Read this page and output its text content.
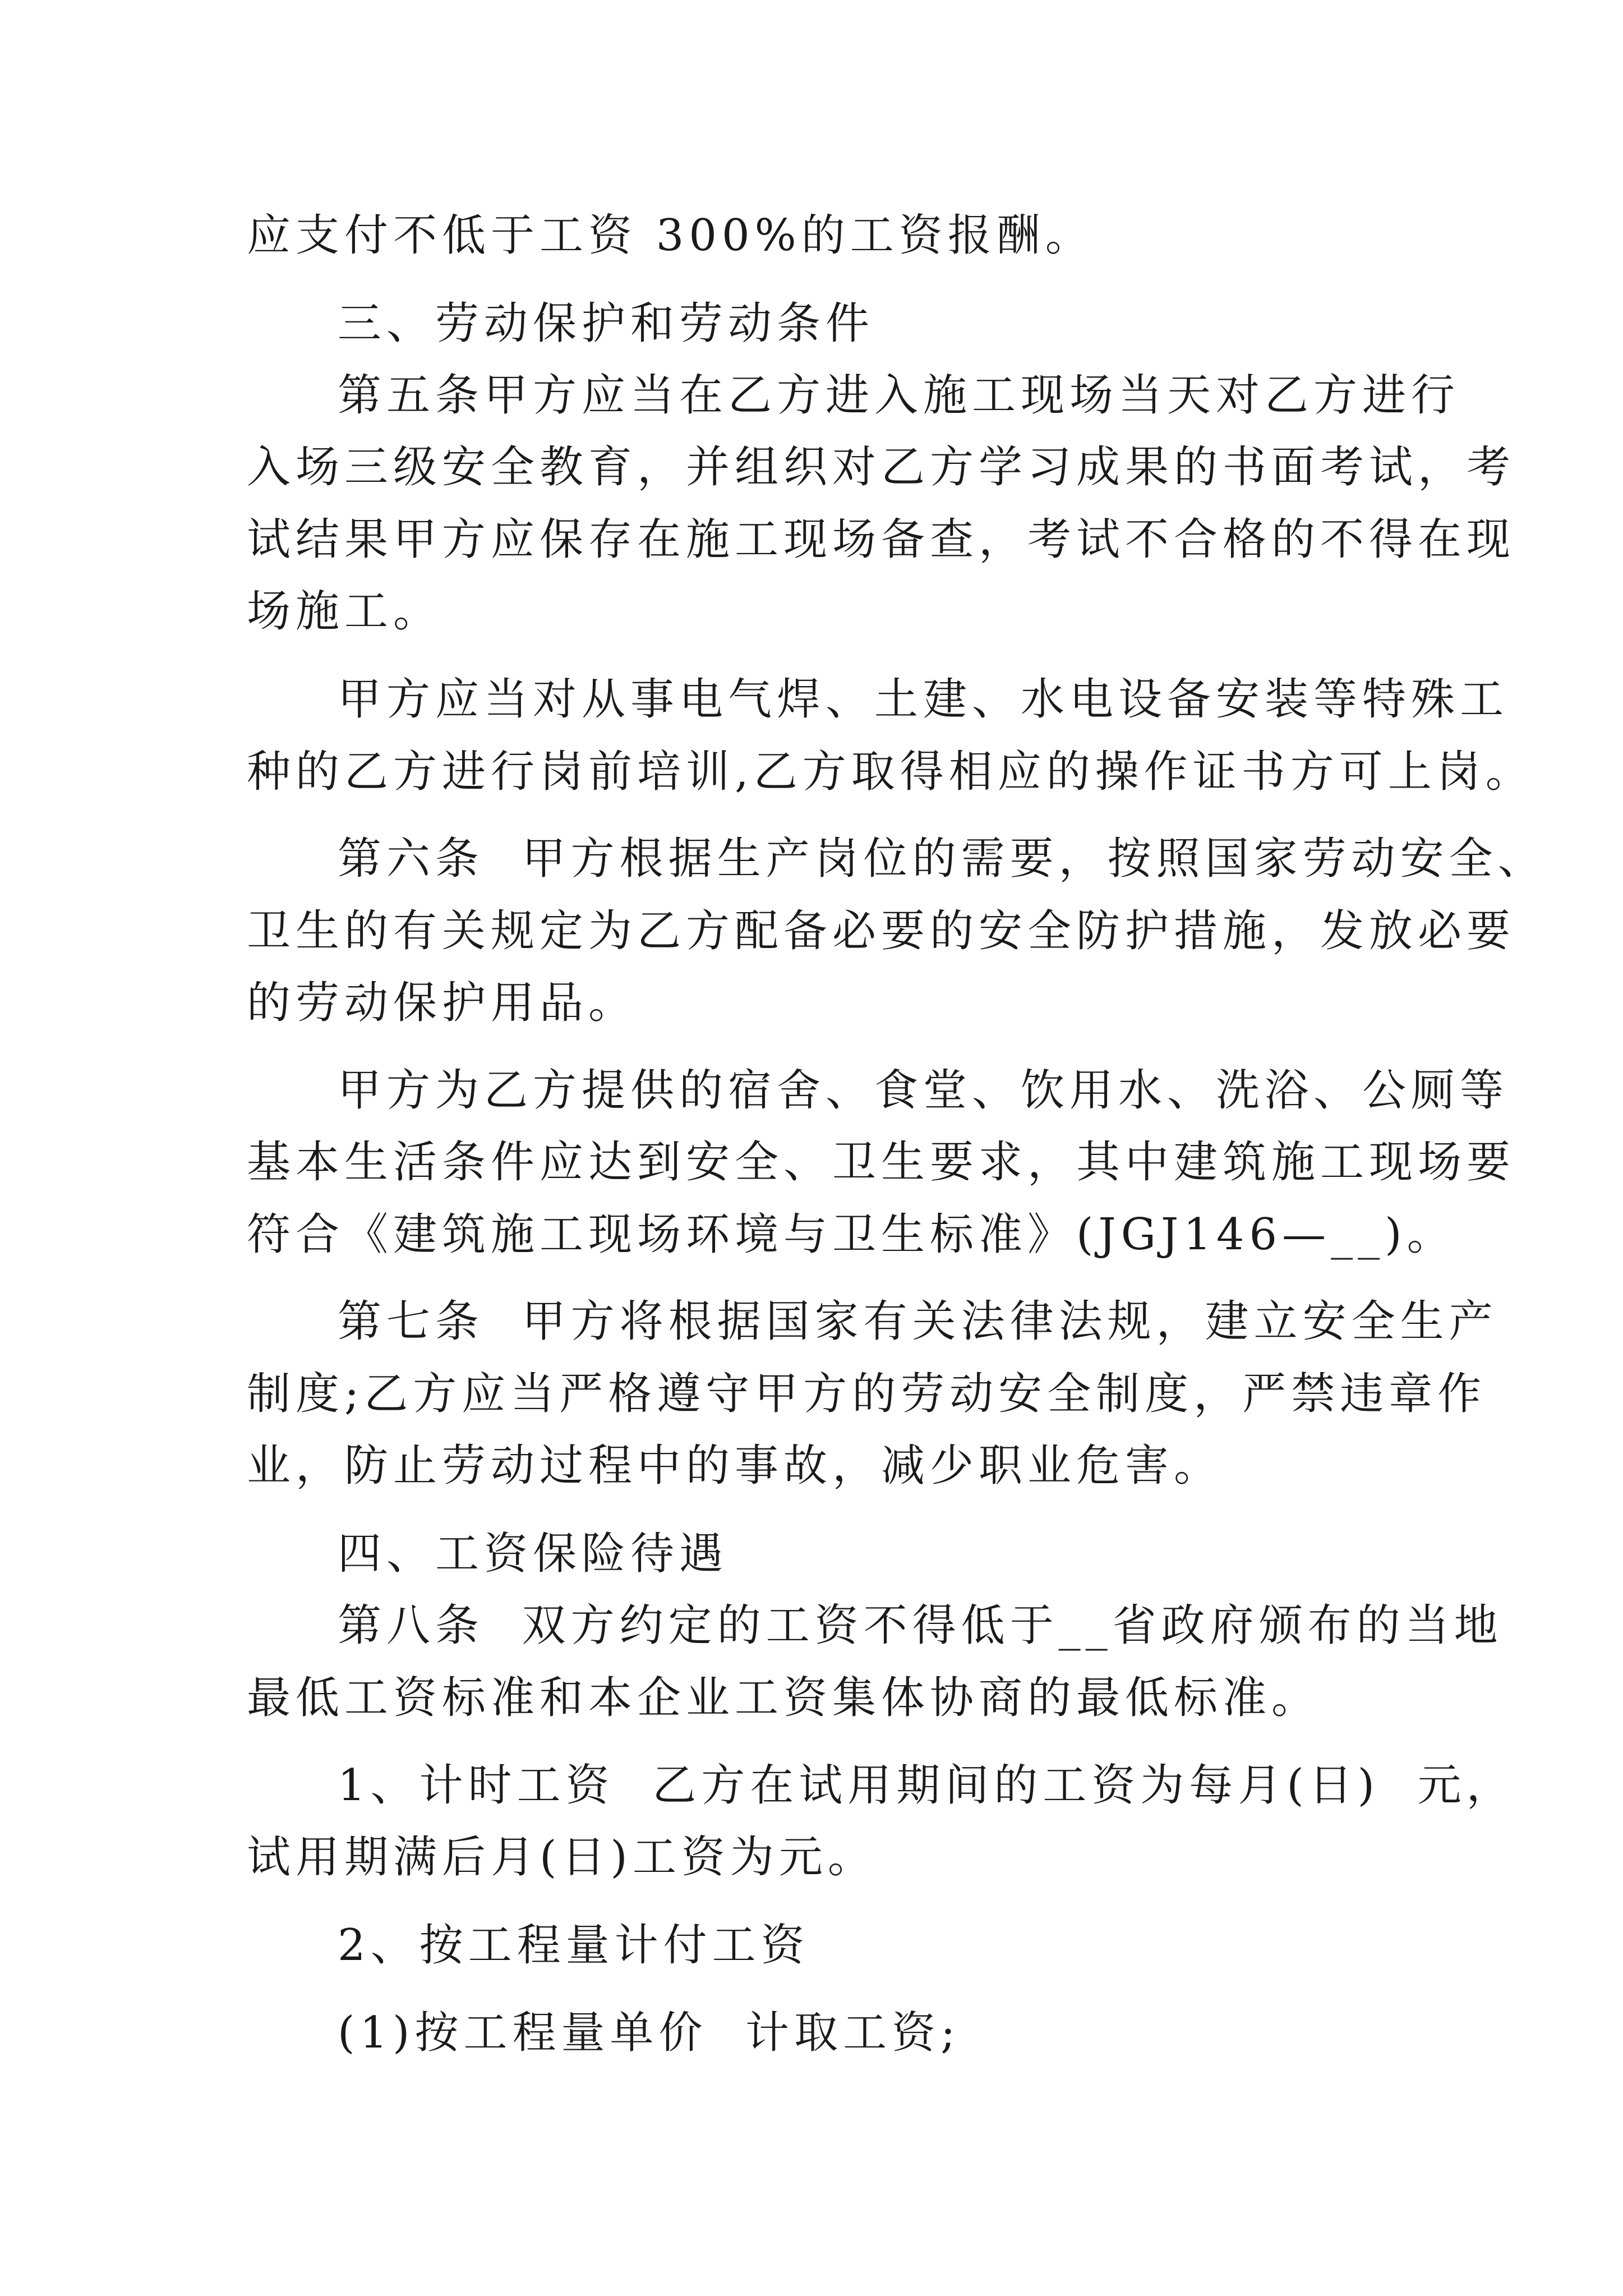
应支付不低于工资 300%的工资报酬。
三、劳动保护和劳动条件
第五条甲方应当在乙方进入施工现场当天对乙方进行
入场三级安全教育，并组织对乙方学习成果的书面考试，考
试结果甲方应保存在施工现场备查，考试不合格的不得在现
场施工。
甲方应当对从事电气焊、土建、水电设备安装等特殊工
种的乙方进行岗前培训,乙方取得相应的操作证书方可上岗。
第六条  甲方根据生产岗位的需要，按照国家劳动安全、
卫生的有关规定为乙方配备必要的安全防护措施，发放必要
的劳动保护用品。
甲方为乙方提供的宿舍、食堂、饮用水、洗浴、公厕等
基本生活条件应达到安全、卫生要求，其中建筑施工现场要
符合《建筑施工现场环境与卫生标准》(JGJ146—__)。
第七条  甲方将根据国家有关法律法规，建立安全生产
制度;乙方应当严格遵守甲方的劳动安全制度，严禁违章作
业，防止劳动过程中的事故，减少职业危害。
四、工资保险待遇
第八条  双方约定的工资不得低于__省政府颁布的当地
最低工资标准和本企业工资集体协商的最低标准。
1、计时工资  乙方在试用期间的工资为每月(日)  元，
试用期满后月(日)工资为元。
2、按工程量计付工资
(1)按工程量单价  计取工资;
